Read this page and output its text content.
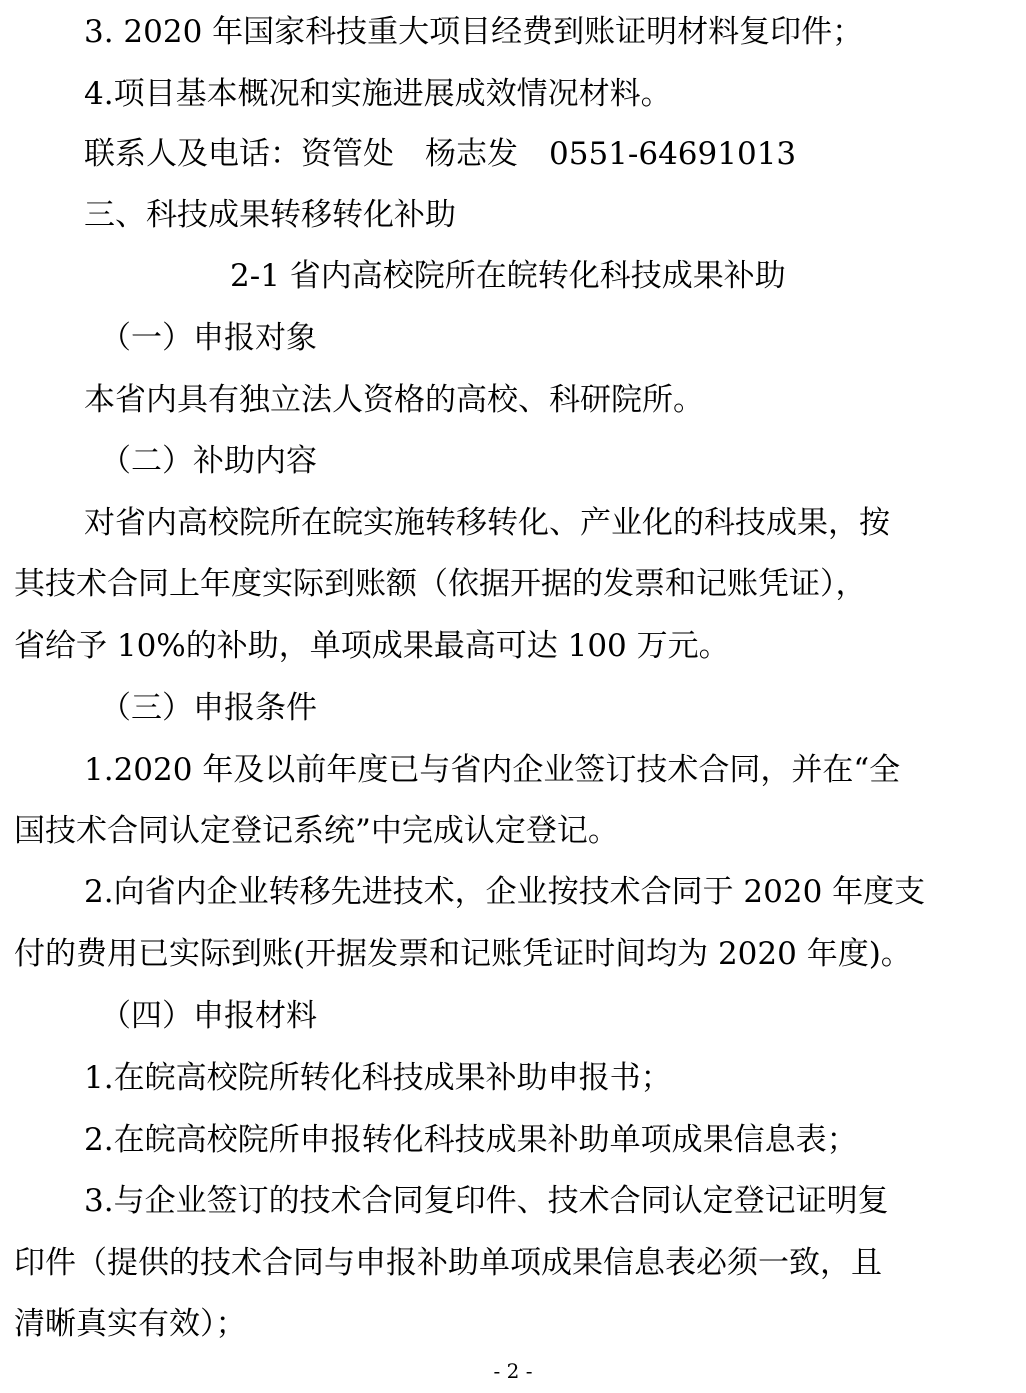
3. 2020 年国家科技重大项目经费到账证明材料复印件；
4.项目基本概况和实施进展成效情况材料。
联系人及电话：资管处　杨志发　0551-64691013
三、科技成果转移转化补助
2-1 省内高校院所在皖转化科技成果补助
（一）申报对象
本省内具有独立法人资格的高校、科研院所。
（二）补助内容
对省内高校院所在皖实施转移转化、产业化的科技成果，按
其技术合同上年度实际到账额（依据开据的发票和记账凭证），
省给予 10%的补助，单项成果最高可达 100 万元。
（三）申报条件
1.2020 年及以前年度已与省内企业签订技术合同，并在“全
国技术合同认定登记系统”中完成认定登记。
2.向省内企业转移先进技术，企业按技术合同于 2020 年度支
付的费用已实际到账(开据发票和记账凭证时间均为 2020 年度)。
（四）申报材料
1.在皖高校院所转化科技成果补助申报书；
2.在皖高校院所申报转化科技成果补助单项成果信息表；
3.与企业签订的技术合同复印件、技术合同认定登记证明复
印件（提供的技术合同与申报补助单项成果信息表必须一致，且
清晰真实有效）；
- 2 -
